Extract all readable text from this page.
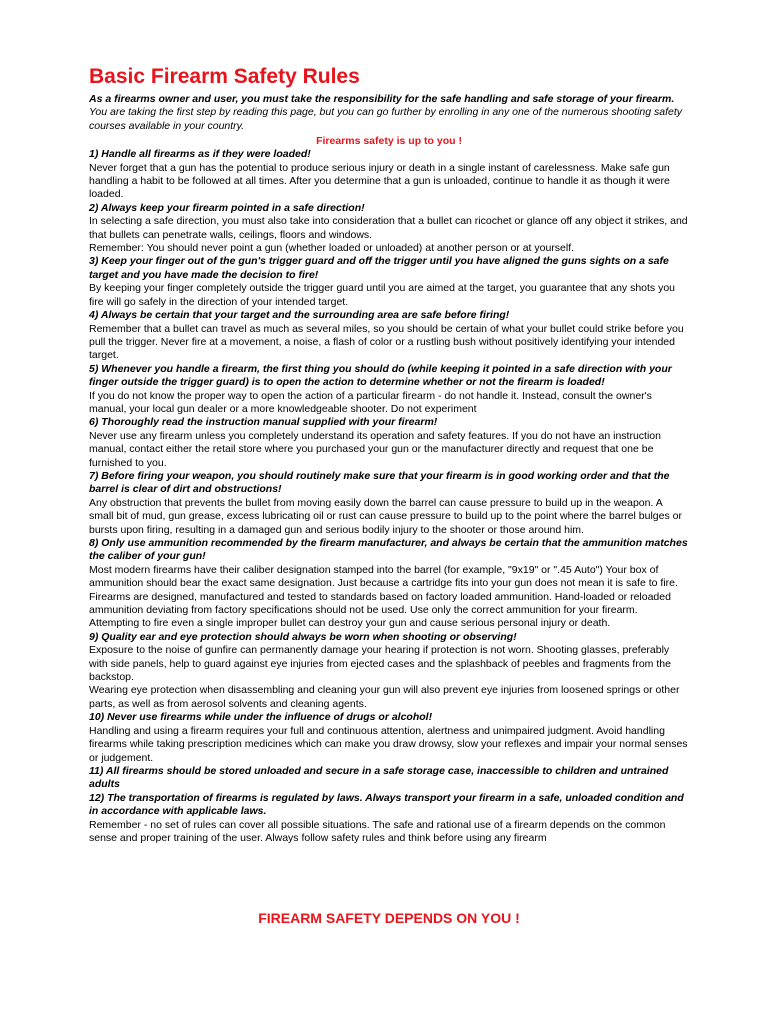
Basic Firearm Safety Rules
As a firearms owner and user, you must take the responsibility for the safe handling and safe storage of your firearm.
You are taking the first step by reading this page, but you can go further by enrolling in any one of the numerous shooting safety courses available in your country.
Firearms safety is up to you !
1) Handle all firearms as if they were loaded!
Never forget that a gun has the potential to produce serious injury or death in a single instant of carelessness. Make safe gun handling a habit to be followed at all times. After you determine that a gun is unloaded, continue to handle it as though it were loaded.
2) Always keep your firearm pointed in a safe direction!
In selecting a safe direction, you must also take into consideration that a bullet can ricochet or glance off any object it strikes, and that bullets can penetrate walls, ceilings, floors and windows.
Remember: You should never point a gun (whether loaded or unloaded) at another person or at yourself.
3) Keep your finger out of the gun's trigger guard and off the trigger until you have aligned the guns sights on a safe target and you have made the decision to fire!
By keeping your finger completely outside the trigger guard until you are aimed at the target, you guarantee that any shots you fire will go safely in the direction of your intended target.
4) Always be certain that your target and the surrounding area are safe before firing!
Remember that a bullet can travel as much as several miles, so you should be certain of what your bullet could strike before you pull the trigger. Never fire at a movement, a noise, a flash of color or a rustling bush without positively identifying your intended target.
5) Whenever you handle a firearm, the first thing you should do (while keeping it pointed in a safe direction with your finger outside the trigger guard) is to open the action to determine whether or not the firearm is loaded!
If you do not know the proper way to open the action of a particular firearm - do not handle it. Instead, consult the owner's manual, your local gun dealer or a more knowledgeable shooter. Do not experiment
6) Thoroughly read the instruction manual supplied with your firearm!
Never use any firearm unless you completely understand its operation and safety features. If you do not have an instruction manual, contact either the retail store where you purchased your gun or the manufacturer directly and request that one be furnished to you.
7) Before firing your weapon, you should routinely make sure that your firearm is in good working order and that the barrel is clear of dirt and obstructions!
Any obstruction that prevents the bullet from moving easily down the barrel can cause pressure to build up in the weapon. A small bit of mud, gun grease, excess lubricating oil or rust can cause pressure to build up to the point where the barrel bulges or bursts upon firing, resulting in a damaged gun and serious bodily injury to the shooter or those around him.
8) Only use ammunition recommended by the firearm manufacturer, and always be certain that the ammunition matches the caliber of your gun!
Most modern firearms have their caliber designation stamped into the barrel (for example, "9x19" or ".45 Auto") Your box of ammunition should bear the exact same designation. Just because a cartridge fits into your gun does not mean it is safe to fire. Firearms are designed, manufactured and tested to standards based on factory loaded ammunition. Hand-loaded or reloaded ammunition deviating from factory specifications should not be used. Use only the correct ammunition for your firearm. Attempting to fire even a single improper bullet can destroy your gun and cause serious personal injury or death.
9) Quality ear and eye protection should always be worn when shooting or observing!
Exposure to the noise of gunfire can permanently damage your hearing if protection is not worn. Shooting glasses, preferably with side panels, help to guard against eye injuries from ejected cases and the splashback of peebles and fragments from the backstop.
Wearing eye protection when disassembling and cleaning your gun will also prevent eye injuries from loosened springs or other parts, as well as from aerosol solvents and cleaning agents.
10) Never use firearms while under the influence of drugs or alcohol!
Handling and using a firearm requires your full and continuous attention, alertness and unimpaired judgment. Avoid handling firearms while taking prescription medicines which can make you draw drowsy, slow your reflexes and impair your normal senses or judgement.
11) All firearms should be stored unloaded and secure in a safe storage case, inaccessible to children and untrained adults
12) The transportation of firearms is regulated by laws. Always transport your firearm in a safe, unloaded condition and in accordance with applicable laws.
Remember - no set of rules can cover all possible situations. The safe and rational use of a firearm depends on the common sense and proper training of the user. Always follow safety rules and think before using any firearm
FIREARM SAFETY DEPENDS ON YOU !
